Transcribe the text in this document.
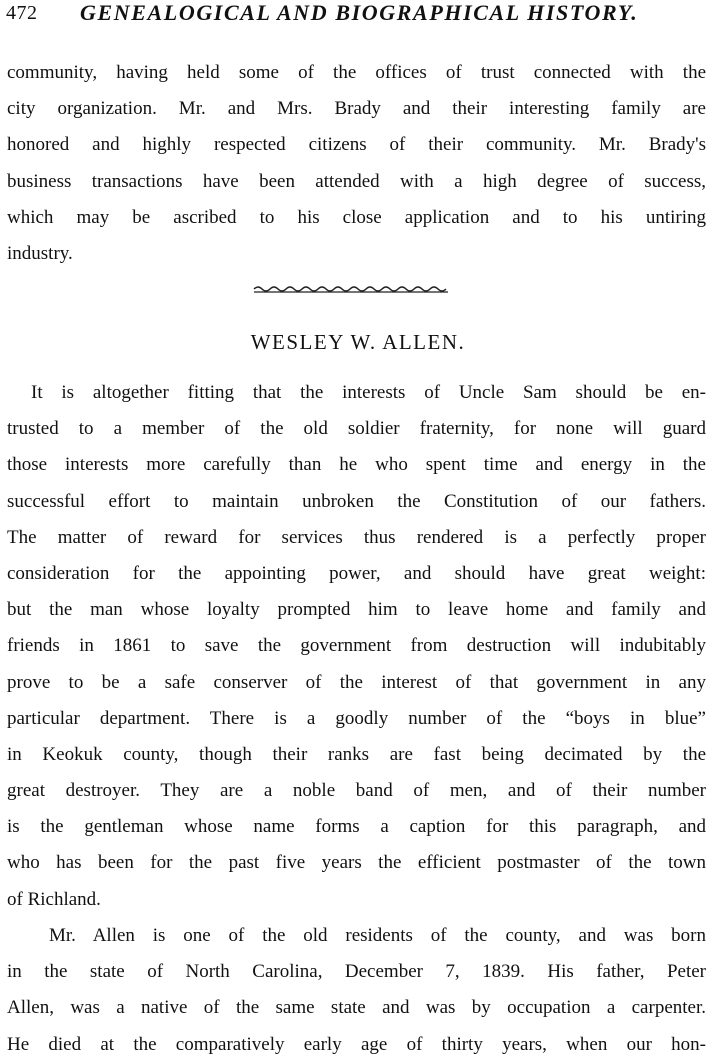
472 GENEALOGICAL AND BIOGRAPHICAL HISTORY.
community, having held some of the offices of trust connected with the
city organization. Mr. and Mrs. Brady and their interesting family are
honored and highly respected citizens of their community. Mr. Brady's
business transactions have been attended with a high degree of success,
which may be ascribed to his close application and to his untiring
industry.
WESLEY W. ALLEN.
It is altogether fitting that the interests of Uncle Sam should be en-
trusted to a member of the old soldier fraternity, for none will guard
those interests more carefully than he who spent time and energy in the
successful effort to maintain unbroken the Constitution of our fathers.
The matter of reward for services thus rendered is a perfectly proper
consideration for the appointing power, and should have great weight:
but the man whose loyalty prompted him to leave home and family and
friends in 1861 to save the government from destruction will indubitably
prove to be a safe conserver of the interest of that government in any
particular department. There is a goodly number of the “boys in blue”
in Keokuk county, though their ranks are fast being decimated by the
great destroyer. They are a noble band of men, and of their number
is the gentleman whose name forms a caption for this paragraph, and
who has been for the past five years the efficient postmaster of the town
of Richland.
Mr. Allen is one of the old residents of the county, and was born
in the state of North Carolina, December 7, 1839. His father, Peter
Allen, was a native of the same state and was by occupation a carpenter.
He died at the comparatively early age of thirty years, when our hon-
